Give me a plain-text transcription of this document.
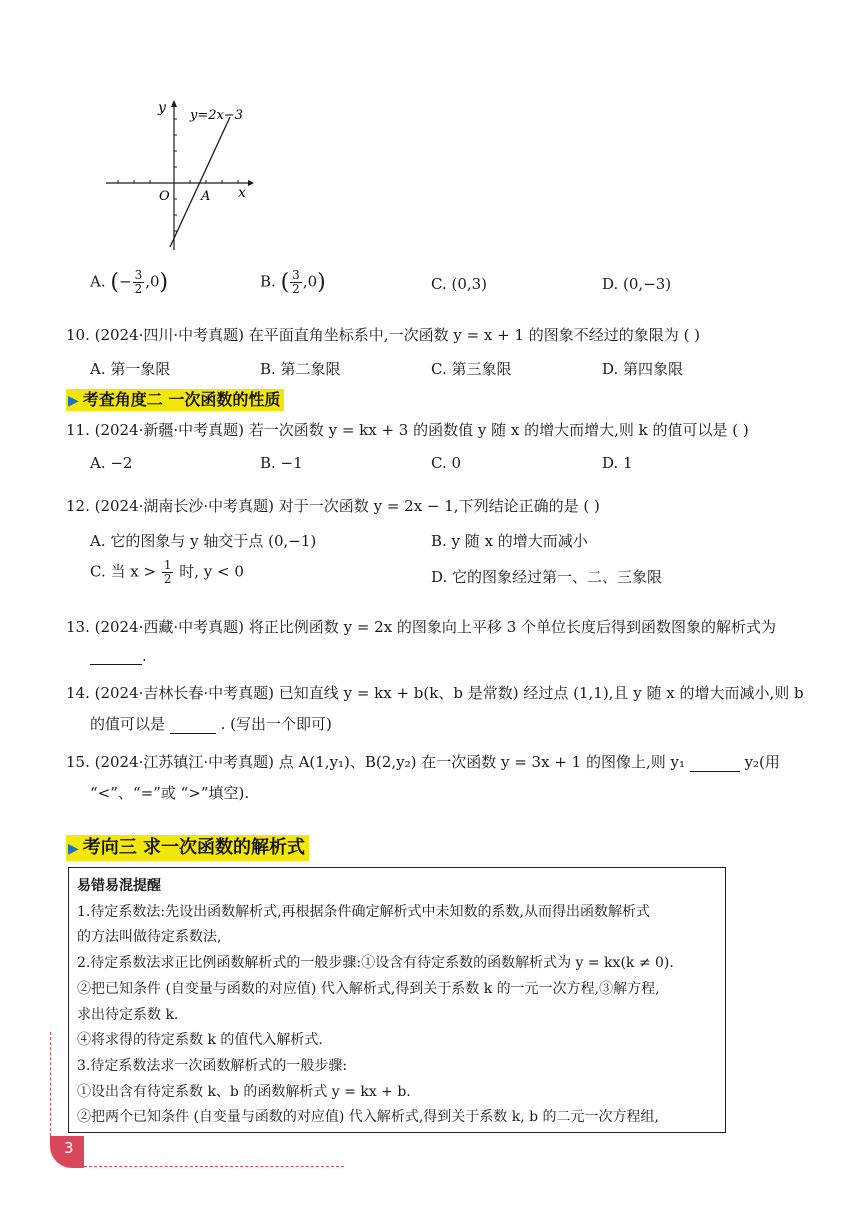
y=2x−3
y
x
O A
A. (− $\frac{3}{2} ,0$)	B. ( $\frac{3}{2} ,0$)	C. (0,3)	D. (0,−3)
10. (2024·四川·中考真题) 在平面直角坐标系中,一次函数 y = x + 1 的图象不经过的象限为 ( )
A. 第一象限	B. 第二象限	C. 第三象限	D. 第四象限
▶ 考查角度二 一次函数的性质
11. (2024·新疆·中考真题) 若一次函数 y = kx + 3 的函数值 y 随 x 的增大而增大,则 k 的值可以是 ( )
A. −2	B. −1	C. 0	D. 1
12. (2024·湖南长沙·中考真题) 对于一次函数 y = 2x − 1,下列结论正确的是 ( )
A. 它的图象与 y 轴交于点 (0,−1)	B. y 随 x 的增大而减小
C. 当 $x > \frac{1}{2}$ 时, y < 0	D. 它的图象经过第一、二、三象限
13. (2024·西藏·中考真题) 将正比例函数 y = 2x 的图象向上平移 3 个单位长度后得到函数图象的解析式为
.
14. (2024·吉林长春·中考真题) 已知直线 y = kx + b(k、b 是常数) 经过点 (1,1),且 y 随 x 的增大而减小,则 b
的值可以是	. (写出一个即可)
15. (2024·江苏镇江·中考真题) 点 A(1,y₁)、B(2,y₂) 在一次函数 y = 3x + 1 的图像上,则 y₁	y₂(用
“<”、“=”或 “>”填空).
▶ 考向三 求一次函数的解析式
易错易混提醒
1.待定系数法:先设出函数解析式,再根据条件确定解析式中未知数的系数,从而得出函数解析式
的方法叫做待定系数法,
2.待定系数法求正比例函数解析式的一般步骤:①设含有待定系数的函数解析式为 y = kx(k ≠ 0).
②把已知条件 (自变量与函数的对应值) 代入解析式,得到关于系数 k 的一元一次方程,③解方程,
求出待定系数 k.
④将求得的待定系数 k 的值代入解析式.
3.待定系数法求一次函数解析式的一般步骤:
①设出含有待定系数 k、b 的函数解析式 y = kx + b.
②把两个已知条件 (自变量与函数的对应值) 代入解析式,得到关于系数 k, b 的二元一次方程组,
3
